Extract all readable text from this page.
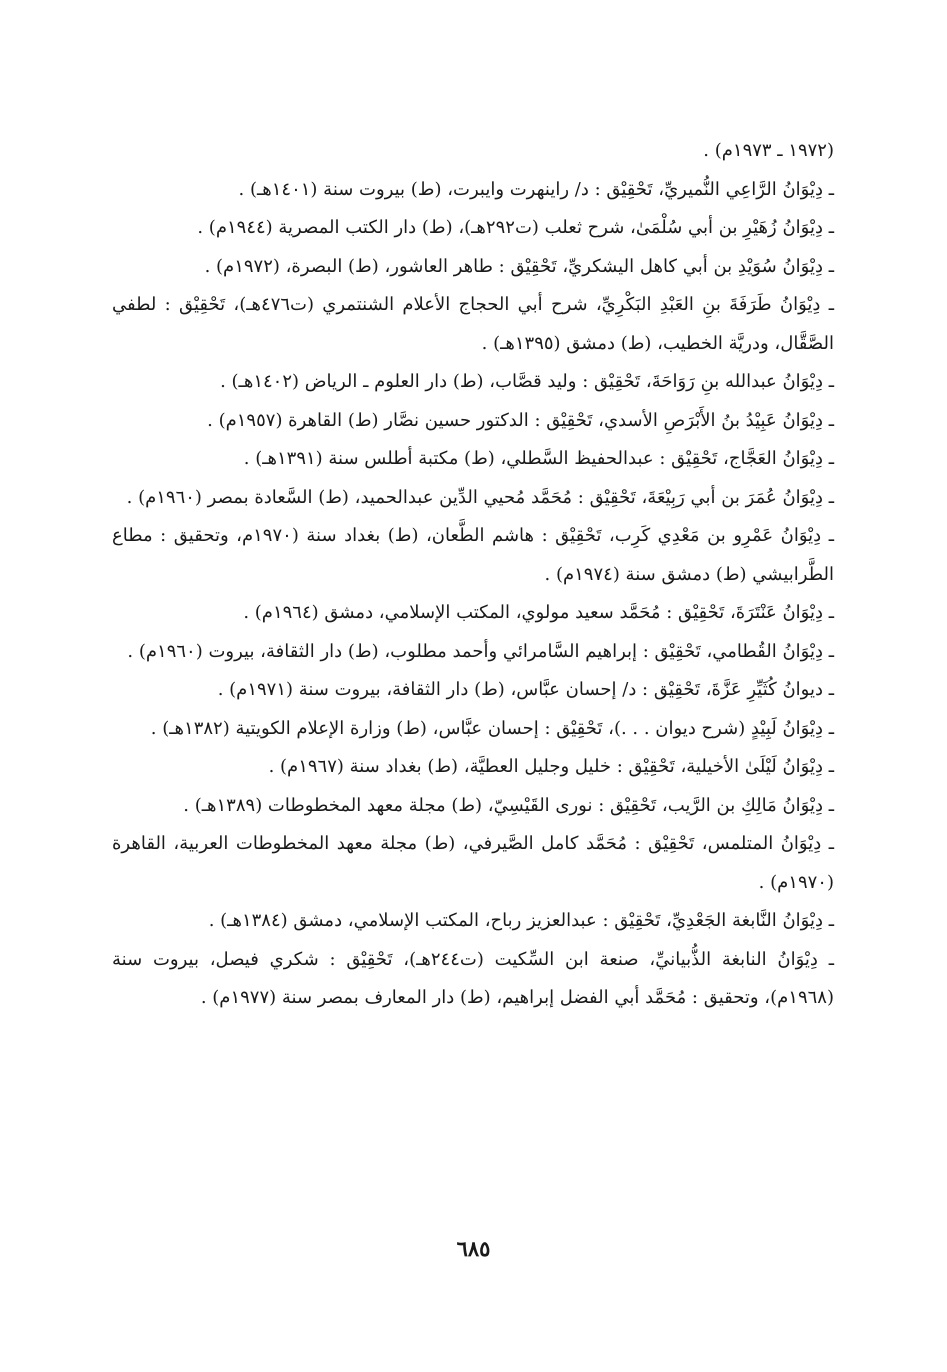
(١٩٧٢ ـ ١٩٧٣م) .

ـ دِيْوَانُ الرَّاعِي النُّميريِّ، تَحْقِيْق : د/ راينهرت وايبرت، (ط) بيروت سنة (١٤٠١هـ) .

ـ دِيْوَانُ زُهَيْرِ بن أبي سُلْمَىٰ، شرح ثعلب (ت٢٩٢هـ)، (ط) دار الكتب المصرية (١٩٤٤م) .

ـ دِيْوَانُ سُوَيْدِ بن أبي كاهل اليشكريِّ، تَحْقِيْق : طاهر العاشور، (ط) البصرة، (١٩٧٢م) .

ـ دِيْوَانُ طَرَفَةَ بنِ العَبْدِ البَكْرِيِّ، شرح أبي الحجاج الأعلام الشنتمري (ت٤٧٦هـ)، تَحْقِيْق : لطفي الصَّقَّال، ودريَّة الخطيب، (ط) دمشق (١٣٩٥هـ) .

ـ دِيْوَانُ عبدالله بنِ رَوَاحَةَ، تَحْقِيْق : وليد قصَّاب، (ط) دار العلوم ـ الرياض (١٤٠٢هـ) .

ـ دِيْوَانُ عَبِيْدُ بنُ الأَبْرَصِ الأسدي، تَحْقِيْق : الدكتور حسين نصَّار (ط) القاهرة (١٩٥٧م) .

ـ دِيْوَانُ العَجَّاج، تَحْقِيْق : عبدالحفيظ السَّطلي، (ط) مكتبة أطلس سنة (١٣٩١هـ) .

ـ دِيْوَانُ عُمَرَ بن أبي رَبِيْعَةَ، تَحْقِيْق : مُحَمَّد مُحيي الدِّين عبدالحميد، (ط) السَّعادة بمصر (١٩٦٠م) .

ـ دِيْوَانُ عَمْرِو بن مَعْدِي كَرِب، تَحْقِيْق : هاشم الطَّعان، (ط) بغداد سنة (١٩٧٠م، وتحقيق : مطاع الطَّرابيشي (ط) دمشق سنة (١٩٧٤م) .

ـ دِيْوَانُ عَنْتَرَةَ، تَحْقِيْق : مُحَمَّد سعيد مولوي، المكتب الإسلامي، دمشق (١٩٦٤م) .

ـ دِيْوَانُ القُطامي، تَحْقِيْق : إبراهيم السَّامرائي وأحمد مطلوب، (ط) دار الثقافة، بيروت (١٩٦٠م) .

ـ ديوانُ كُثَيِّرِ عَزَّةَ، تَحْقِيْق : د/ إحسان عبَّاس، (ط) دار الثقافة، بيروت سنة (١٩٧١م) .

ـ دِيْوَانُ لَبِيْدٍ (شرح ديوان . . .)، تَحْقِيْق : إحسان عبَّاس، (ط) وزارة الإعلام الكويتية (١٣٨٢هـ) .

ـ دِيْوَانُ لَيْلَىٰ الأخيلية، تَحْقِيْق : خليل وجليل العطيَّة، (ط) بغداد سنة (١٩٦٧م) .

ـ دِيْوَانُ مَالِكِ بن الرَّيب، تَحْقِيْق : نورى القَيْسِيّ، (ط) مجلة معهد المخطوطات (١٣٨٩هـ) .

ـ دِيْوَانُ المتلمس، تَحْقِيْق : مُحَمَّد كامل الصَّيرفي، (ط) مجلة معهد المخطوطات العربية، القاهرة (١٩٧٠م) .

ـ دِيْوَانُ النَّابغة الجَعْدِيِّ، تَحْقِيْق : عبدالعزيز رباح، المكتب الإسلامي، دمشق (١٣٨٤هـ) .

ـ دِيْوَانُ النابغة الذُّبيانيِّ، صنعة ابن السِّكيت (ت٢٤٤هـ)، تَحْقِيْق : شكري فيصل، بيروت سنة (١٩٦٨م)، وتحقيق : مُحَمَّد أبي الفضل إبراهيم، (ط) دار المعارف بمصر سنة (١٩٧٧م) .

٦٨٥
